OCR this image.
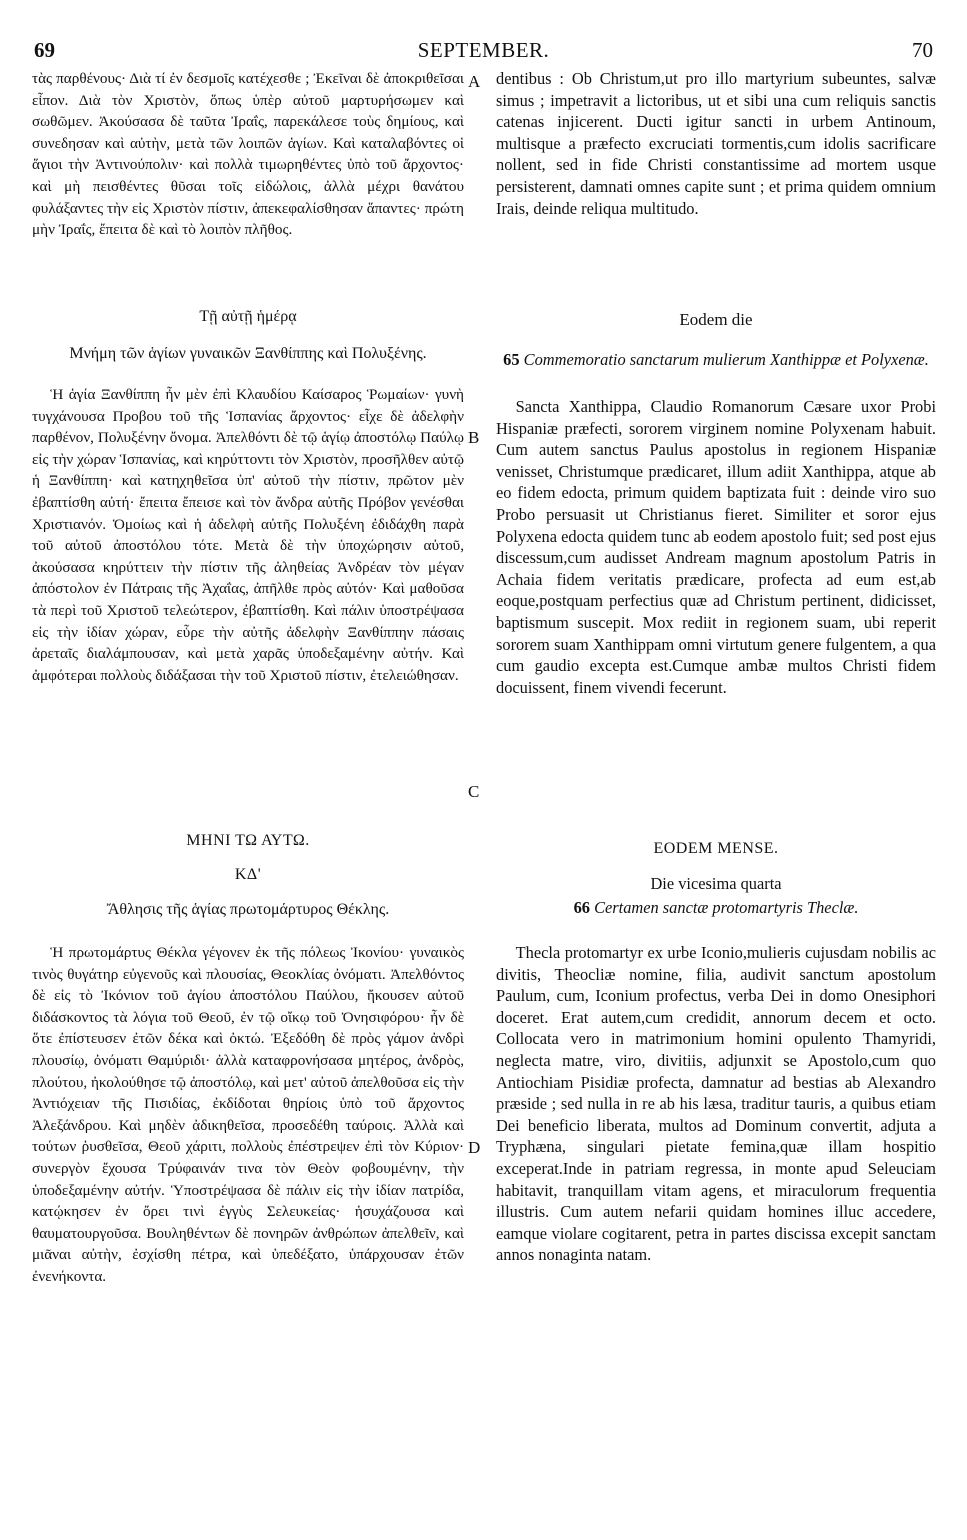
69	SEPTEMBER.	70

τὰς παρθένους· Διὰ τί ἐν δεσμοῖς κατέχεσθε ; Ἐκεῖναι δὲ ἀποκριθεῖσαι εἶπον. Διὰ τὸν Χριστὸν, ὅπως ὑπὲρ αὐτοῦ μαρτυρήσωμεν καὶ σωθῶμεν. Ἀκούσασα δὲ ταῦτα Ἰραΐς, παρεκάλεσε τοὺς δημίους, καὶ συνεδησαν καὶ αὐτὴν, μετὰ τῶν λοιπῶν ἁγίων. Καὶ καταλαβόντες οἱ ἅγιοι τὴν Ἀντινούπολιν· καὶ πολλὰ τιμωρηθέντες ὑπὸ τοῦ ἄρχοντος· καὶ μὴ πεισθέντες θῦσαι τοῖς εἰδώλοις, ἀλλὰ μέχρι θανάτου φυλάξαντες τὴν εἰς Χριστὸν πίστιν, ἀπεκεφαλίσθησαν ἅπαντες· πρώτη μὴν Ἰραΐς, ἔπειτα δὲ καὶ τὸ λοιπὸν πλῆθος.

Τῇ αὐτῇ ἡμέρᾳ

Μνήμη τῶν ἁγίων γυναικῶν Ξανθίππης καὶ Πολυξένης.

Ἡ ἁγία Ξανθίππη ἦν μὲν ἐπὶ Κλαυδίου Καίσαρος Ῥωμαίων· γυνὴ τυγχάνουσα Προβου τοῦ τῆς Ἱσπανίας ἄρχοντος· εἶχε δὲ ἀδελφὴν παρθένον, Πολυξένην ὄνομα. Ἀπελθόντι δὲ τῷ ἁγίῳ ἀποστόλῳ Παύλῳ εἰς τὴν χώραν Ἱσπανίας, καὶ κηρύττοντι τὸν Χριστὸν, προσῆλθεν αὐτῷ ἡ Ξανθίππη· καὶ κατηχηθεῖσα ὑπ' αὐτοῦ τὴν πίστιν, πρῶτον μὲν ἐβαπτίσθη αὐτή· ἔπειτα ἔπεισε καὶ τὸν ἄνδρα αὐτῆς Πρόβον γενέσθαι Χριστιανόν. Ὁμοίως καὶ ἡ ἀδελφὴ αὐτῆς Πολυξένη ἐδιδάχθη παρὰ τοῦ αὐτοῦ ἀποστόλου τότε. Μετὰ δὲ τὴν ὑποχώρησιν αὐτοῦ, ἀκούσασα κηρύττειν τὴν πίστιν τῆς ἀληθείας Ἀνδρέαν τὸν μέγαν ἀπόστολον ἐν Πάτραις τῆς Ἀχαΐας, ἀπῆλθε πρὸς αὐτόν· Καὶ μαθοῦσα τὰ περὶ τοῦ Χριστοῦ τελεώτερον, ἐβαπτίσθη. Καὶ πάλιν ὑποστρέψασα εἰς τὴν ἰδίαν χώραν, εὗρε τὴν αὐτῆς ἀδελφὴν Ξανθίππην πάσαις ἀρεταῖς διαλάμπουσαν, καὶ μετὰ χαρᾶς ὑποδεξαμένην αὐτήν. Καὶ ἀμφότεραι πολλοὺς διδάξασαι τὴν τοῦ Χριστοῦ πίστιν, ἐτελειώθησαν.

ΜΗΝΙ ΤΩ ΑΥΤΩ.

ΚΔ'

Ἄθλησις τῆς ἁγίας πρωτομάρτυρος Θέκλης.

Ἡ πρωτομάρτυς Θέκλα γέγονεν ἐκ τῆς πόλεως Ἰκονίου· γυναικὸς τινὸς θυγάτηρ εὐγενοῦς καὶ πλουσίας, Θεοκλίας ὀνόματι. Ἀπελθόντος δὲ εἰς τὸ Ἰκόνιον τοῦ ἁγίου ἀποστόλου Παύλου, ἤκουσεν αὐτοῦ διδάσκοντος τὰ λόγια τοῦ Θεοῦ, ἐν τῷ οἴκῳ τοῦ Ὀνησιφόρου· ἦν δὲ ὅτε ἐπίστευσεν ἐτῶν δέκα καὶ ὀκτώ. Ἐξεδόθη δὲ πρὸς γάμον ἀνδρὶ πλουσίῳ, ὀνόματι Θαμύριδι· ἀλλὰ καταφρονήσασα μητέρος, ἀνδρὸς, πλούτου, ἠκολούθησε τῷ ἀποστόλῳ, καὶ μετ' αὐτοῦ ἀπελθοῦσα εἰς τὴν Ἀντιόχειαν τῆς Πισιδίας, ἐκδίδοται θηρίοις ὑπὸ τοῦ ἄρχοντος Ἀλεξάνδρου. Καὶ μηδὲν ἀδικηθεῖσα, προσεδέθη ταύροις. Ἀλλὰ καὶ τούτων ῥυσθεῖσα, Θεοῦ χάριτι, πολλοὺς ἐπέστρεψεν ἐπὶ τὸν Κύριον· συνεργὸν ἔχουσα Τρύφαινάν τινα τὸν Θεὸν φοβουμένην, τὴν ὑποδεξαμένην αὐτήν. Ὑποστρέψασα δὲ πάλιν εἰς τὴν ἰδίαν πατρίδα, κατῴκησεν ἐν ὄρει τινὶ ἐγγὺς Σελευκείας· ἡσυχάζουσα καὶ θαυματουργοῦσα. Βουληθέντων δὲ πονηρῶν ἀνθρώπων ἀπελθεῖν, καὶ μιᾶναι αὐτὴν, ἐσχίσθη πέτρα, καὶ ὑπεδέξατο, ὑπάρχουσαν ἐτῶν ἐνενήκοντα.

A
B
C
D

dentibus : Ob Christum,ut pro illo martyrium subeuntes, salvæ simus ; impetravit a lictoribus, ut et sibi una cum reliquis sanctis catenas injicerent. Ducti igitur sancti in urbem Antinoum, multisque a præfecto excruciati tormentis,cum idolis sacrificare nollent, sed in fide Christi constantissime ad mortem usque persisterent, damnati omnes capite sunt ; et prima quidem omnium Irais, deinde reliqua multitudo.

Eodem die

65 Commemoratio sanctarum mulierum Xanthippæ et Polyxenæ.

Sancta Xanthippa, Claudio Romanorum Cæsare uxor Probi Hispaniæ præfecti, sororem virginem nomine Polyxenam habuit. Cum autem sanctus Paulus apostolus in regionem Hispaniæ venisset, Christumque prædicaret, illum adiit Xanthippa, atque ab eo fidem edocta, primum quidem baptizata fuit : deinde viro suo Probo persuasit ut Christianus fieret. Similiter et soror ejus Polyxena edocta quidem tunc ab eodem apostolo fuit; sed post ejus discessum,cum audisset Andream magnum apostolum Patris in Achaia fidem veritatis prædicare, profecta ad eum est,ab eoque,postquam perfectius quæ ad Christum pertinent, didicisset, baptismum suscepit. Mox rediit in regionem suam, ubi reperit sororem suam Xanthippam omni virtutum genere fulgentem, a qua cum gaudio excepta est.Cumque ambæ multos Christi fidem docuissent, finem vivendi fecerunt.

EODEM MENSE.

Die vicesima quarta

66 Certamen sanctæ protomartyris Theclæ.

Thecla protomartyr ex urbe Iconio,mulieris cujusdam nobilis ac divitis, Theocliæ nomine, filia, audivit sanctum apostolum Paulum, cum, Iconium profectus, verba Dei in domo Onesiphori doceret. Erat autem,cum credidit, annorum decem et octo. Collocata vero in matrimonium homini opulento Thamyridi, neglecta matre, viro, divitiis, adjunxit se Apostolo,cum quo Antiochiam Pisidiæ profecta, damnatur ad bestias ab Alexandro præside ; sed nulla in re ab his læsa, traditur tauris, a quibus etiam Dei beneficio liberata, multos ad Dominum convertit, adjuta a Tryphæna, singulari pietate femina,quæ illam hospitio exceperat.Inde in patriam regressa, in monte apud Seleuciam habitavit, tranquillam vitam agens, et miraculorum frequentia illustris. Cum autem nefarii quidam homines illuc accedere, eamque violare cogitarent, petra in partes discissa excepit sanctam annos nonaginta natam.
